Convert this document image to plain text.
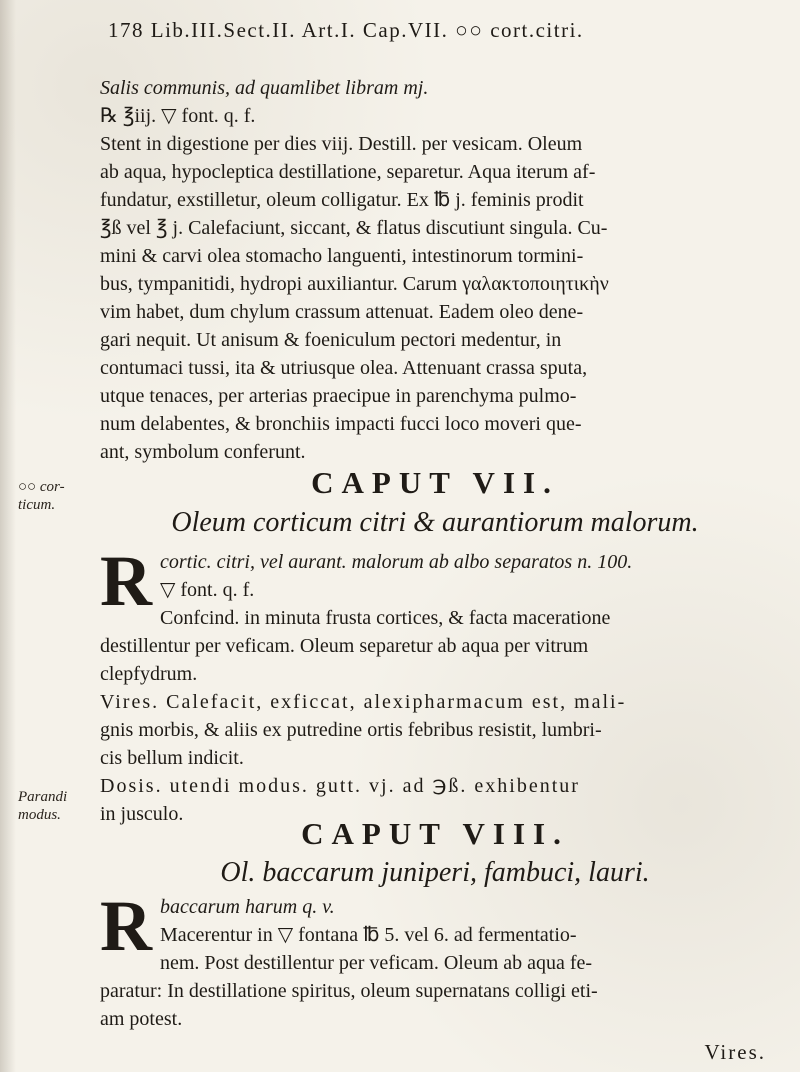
178 Lib.III.Sect.II. Art.I. Cap.VII. ○○ cort.citri.

Salis communis, ad quamlibet libram mj.

℞ ℥iij. ▽ font. q. f.

Stent in digestione per dies viij. Destill. per vesicam. Oleum

ab aqua, hypocleptica destillatione, separetur. Aqua iterum af-

fundatur, exstilletur, oleum colligatur. Ex ℔ j. feminis prodit

℥ß vel ℥ j. Calefaciunt, siccant, & flatus discutiunt singula. Cu-

mini & carvi olea stomacho languenti, intestinorum tormini-

bus, tympanitidi, hydropi auxiliantur. Carum γαλακτοποιητικὴν

vim habet, dum chylum crassum attenuat. Eadem oleo dene-

gari nequit. Ut anisum & foeniculum pectori medentur, in

contumaci tussi, ita & utriusque olea. Attenuant crassa sputa,

utque tenaces, per arterias praecipue in parenchyma pulmo-

num delabentes, & bronchiis impacti fucci loco moveri que-

ant, symbolum conferunt.

CAPUT VII.
Oleum corticum citri & aurantiorum malorum.
○○ cor-
ticum.
R cortic. citri, vel aurant. malorum ab albo separatos n. 100.

▽ font. q. f.

Confcind. in minuta frusta cortices, & facta maceratione

destillentur per veficam. Oleum separetur ab aqua per vitrum

clepfydrum.

Vires. Calefacit, exficcat, alexipharmacum est, mali-

gnis morbis, & aliis ex putredine ortis febribus resistit, lumbri-

cis bellum indicit.

Dosis. utendi modus. gutt. vj. ad ℈ß. exhibentur

in jusculo.

CAPUT VIII.
Ol. baccarum juniperi, fambuci, lauri.
Parandi
modus.
R baccarum harum q. v.

Macerentur in ▽ fontana ℔ 5. vel 6. ad fermentatio-

nem. Post destillentur per veficam. Oleum ab aqua fe-

paratur: In destillatione spiritus, oleum supernatans colligi eti-

am potest.

Vires.
